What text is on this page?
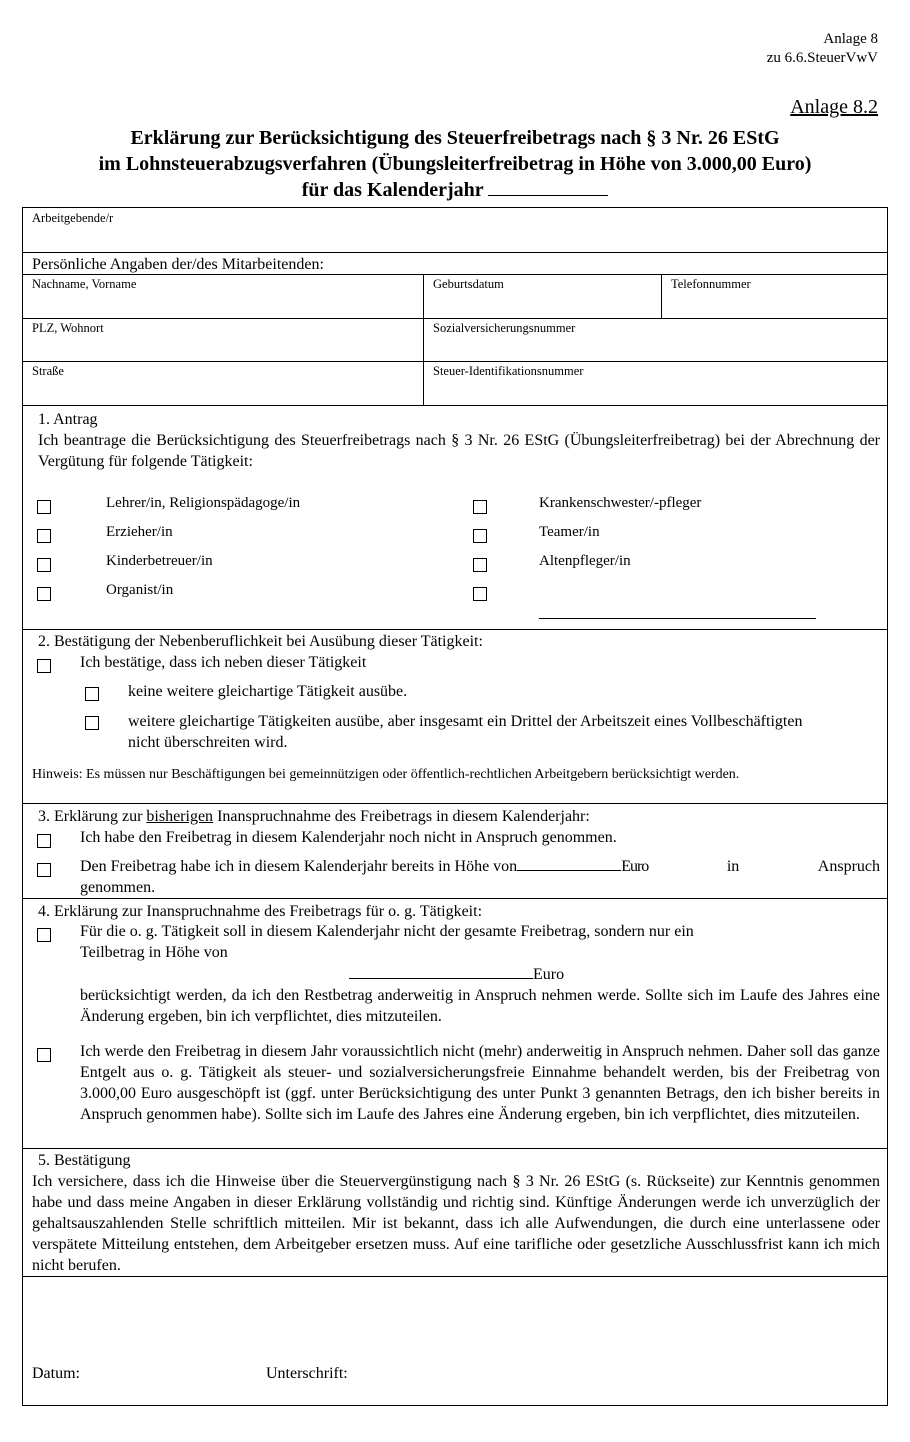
Anlage 8
zu 6.6.SteuerVwV
Anlage 8.2
Erklärung zur Berücksichtigung des Steuerfreibetrags nach § 3 Nr. 26 EStG
im Lohnsteuerabzugsverfahren (Übungsleiterfreibetrag in Höhe von 3.000,00 Euro)
für das Kalenderjahr
Arbeitgebende/r
Persönliche Angaben der/des Mitarbeitenden:
Nachname, Vorname	Geburtsdatum	Telefonnummer
PLZ, Wohnort	Sozialversicherungsnummer
Straße	Steuer-Identifikationsnummer
1. Antrag
Ich beantrage die Berücksichtigung des Steuerfreibetrags nach § 3 Nr. 26 EStG (Übungsleiterfreibetrag) bei der Abrechnung der Vergütung für folgende Tätigkeit:
Lehrer/in, Religionspädagoge/in
Erzieher/in
Kinderbetreuer/in
Organist/in
Krankenschwester/-pfleger
Teamer/in
Altenpfleger/in
2. Bestätigung der Nebenberuflichkeit bei Ausübung dieser Tätigkeit:
Ich bestätige, dass ich neben dieser Tätigkeit
keine weitere gleichartige Tätigkeit ausübe.
weitere gleichartige Tätigkeiten ausübe, aber insgesamt ein Drittel der Arbeitszeit eines Vollbeschäftigten nicht überschreiten wird.
Hinweis: Es müssen nur Beschäftigungen bei gemeinnützigen oder öffentlich-rechtlichen Arbeitgebern berücksichtigt werden.
3. Erklärung zur bisherigen Inanspruchnahme des Freibetrags in diesem Kalenderjahr:
Ich habe den Freibetrag in diesem Kalenderjahr noch nicht in Anspruch genommen.
Den Freibetrag habe ich in diesem Kalenderjahr bereits in Höhe von	Euro	in	Anspruch
genommen.
4. Erklärung zur Inanspruchnahme des Freibetrags für o. g. Tätigkeit:
Für die o. g. Tätigkeit soll in diesem Kalenderjahr nicht der gesamte Freibetrag, sondern nur ein
Teilbetrag in Höhe von
Euro
berücksichtigt werden, da ich den Restbetrag anderweitig in Anspruch nehmen werde. Sollte sich im Laufe des Jahres eine Änderung ergeben, bin ich verpflichtet, dies mitzuteilen.
Ich werde den Freibetrag in diesem Jahr voraussichtlich nicht (mehr) anderweitig in Anspruch nehmen. Daher soll das ganze Entgelt aus o. g. Tätigkeit als steuer- und sozialversicherungsfreie Einnahme behandelt werden, bis der Freibetrag von 3.000,00 Euro ausgeschöpft ist (ggf. unter Berücksichtigung des unter Punkt 3 genannten Betrags, den ich bisher bereits in Anspruch genommen habe). Sollte sich im Laufe des Jahres eine Änderung ergeben, bin ich verpflichtet, dies mitzuteilen.
5. Bestätigung
Ich versichere, dass ich die Hinweise über die Steuervergünstigung nach § 3 Nr. 26 EStG (s. Rückseite) zur Kenntnis genommen habe und dass meine Angaben in dieser Erklärung vollständig und richtig sind. Künftige Änderungen werde ich unverzüglich der gehaltsauszahlenden Stelle schriftlich mitteilen. Mir ist bekannt, dass ich alle Aufwendungen, die durch eine unterlassene oder verspätete Mitteilung entstehen, dem Arbeitgeber ersetzen muss. Auf eine tarifliche oder gesetzliche Ausschlussfrist kann ich mich nicht berufen.
Datum:	Unterschrift:
